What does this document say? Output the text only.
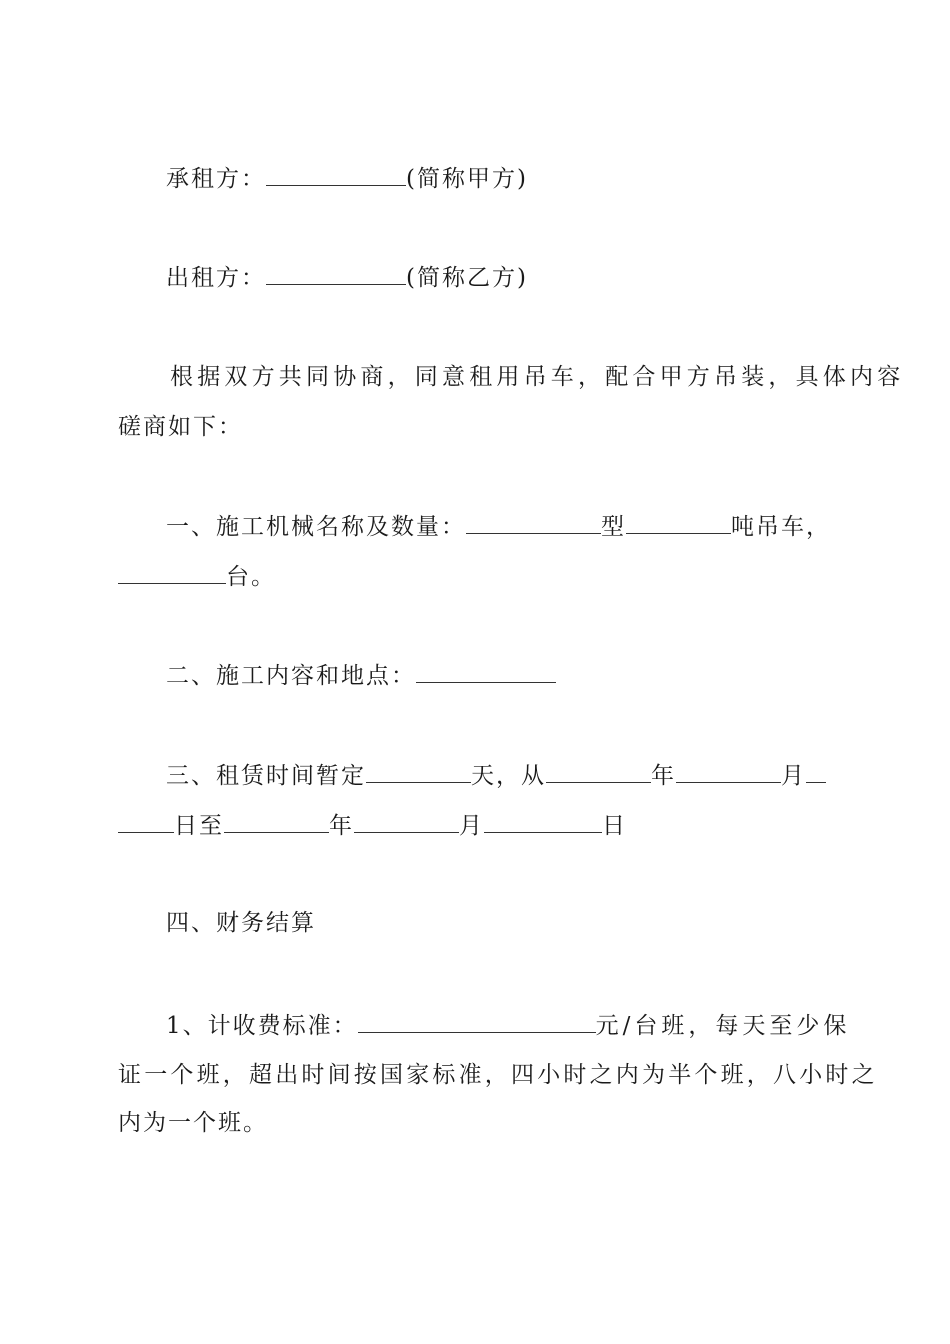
承租方：	(简称甲方)
出租方：	(简称乙方)
根据双方共同协商，同意租用吊车，配合甲方吊装，具体内容
磋商如下：
一、施工机械名称及数量：	型	吨吊车，
台。
二、施工内容和地点：
三、租赁时间暂定	天，从	年	月
日至	年	月	日
四、财务结算
1、计收费标准：	元/台班，每天至少保
证一个班，超出时间按国家标准，四小时之内为半个班，八小时之
内为一个班。
